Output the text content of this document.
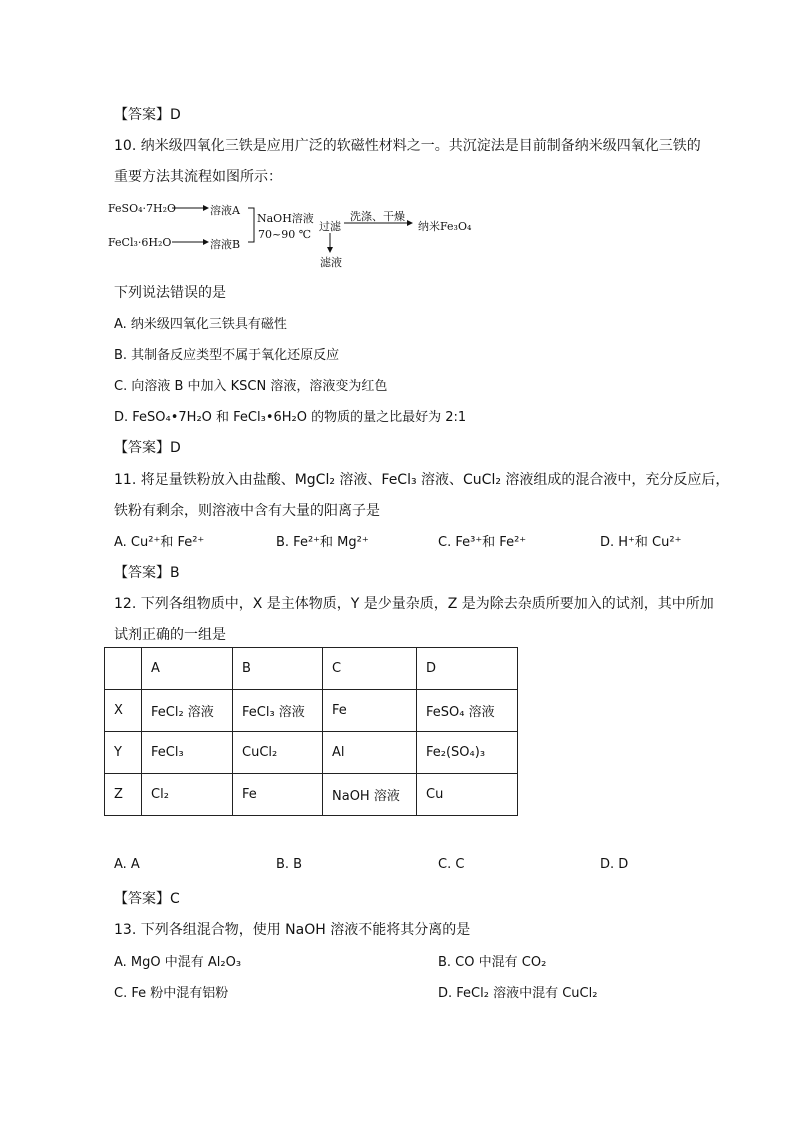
【答案】D
10. 纳米级四氧化三铁是应用广泛的软磁性材料之一。共沉淀法是目前制备纳米级四氧化三铁的
重要方法其流程如图所示：
FeSO₄·7H₂O	溶液A
FeCl₃·6H₂O	溶液B
NaOH溶液
70~90 ℃
过滤
洗涤、干燥
纳米Fe₃O₄
滤液
下列说法错误的是
A. 纳米级四氧化三铁具有磁性
B. 其制备反应类型不属于氧化还原反应
C. 向溶液 B 中加入 KSCN 溶液，溶液变为红色
D. FeSO₄•7H₂O 和 FeCl₃•6H₂O 的物质的量之比最好为 2:1
【答案】D
11. 将足量铁粉放入由盐酸、MgCl₂ 溶液、FeCl₃ 溶液、CuCl₂ 溶液组成的混合液中，充分反应后，
铁粉有剩余，则溶液中含有大量的阳离子是
A. Cu²⁺和 Fe²⁺	B. Fe²⁺和 Mg²⁺	C. Fe³⁺和 Fe²⁺	D. H⁺和 Cu²⁺
【答案】B
12. 下列各组物质中，X 是主体物质，Y 是少量杂质，Z 是为除去杂质所要加入的试剂，其中所加
试剂正确的一组是
	A	B	C	D
X	FeCl₂ 溶液	FeCl₃ 溶液	Fe	FeSO₄ 溶液
Y	FeCl₃	CuCl₂	Al	Fe₂(SO₄)₃
Z	Cl₂	Fe	NaOH 溶液	Cu
A. A	B. B	C. C	D. D
【答案】C
13. 下列各组混合物，使用 NaOH 溶液不能将其分离的是
A. MgO 中混有 Al₂O₃	B. CO 中混有 CO₂
C. Fe 粉中混有铝粉	D. FeCl₂ 溶液中混有 CuCl₂
